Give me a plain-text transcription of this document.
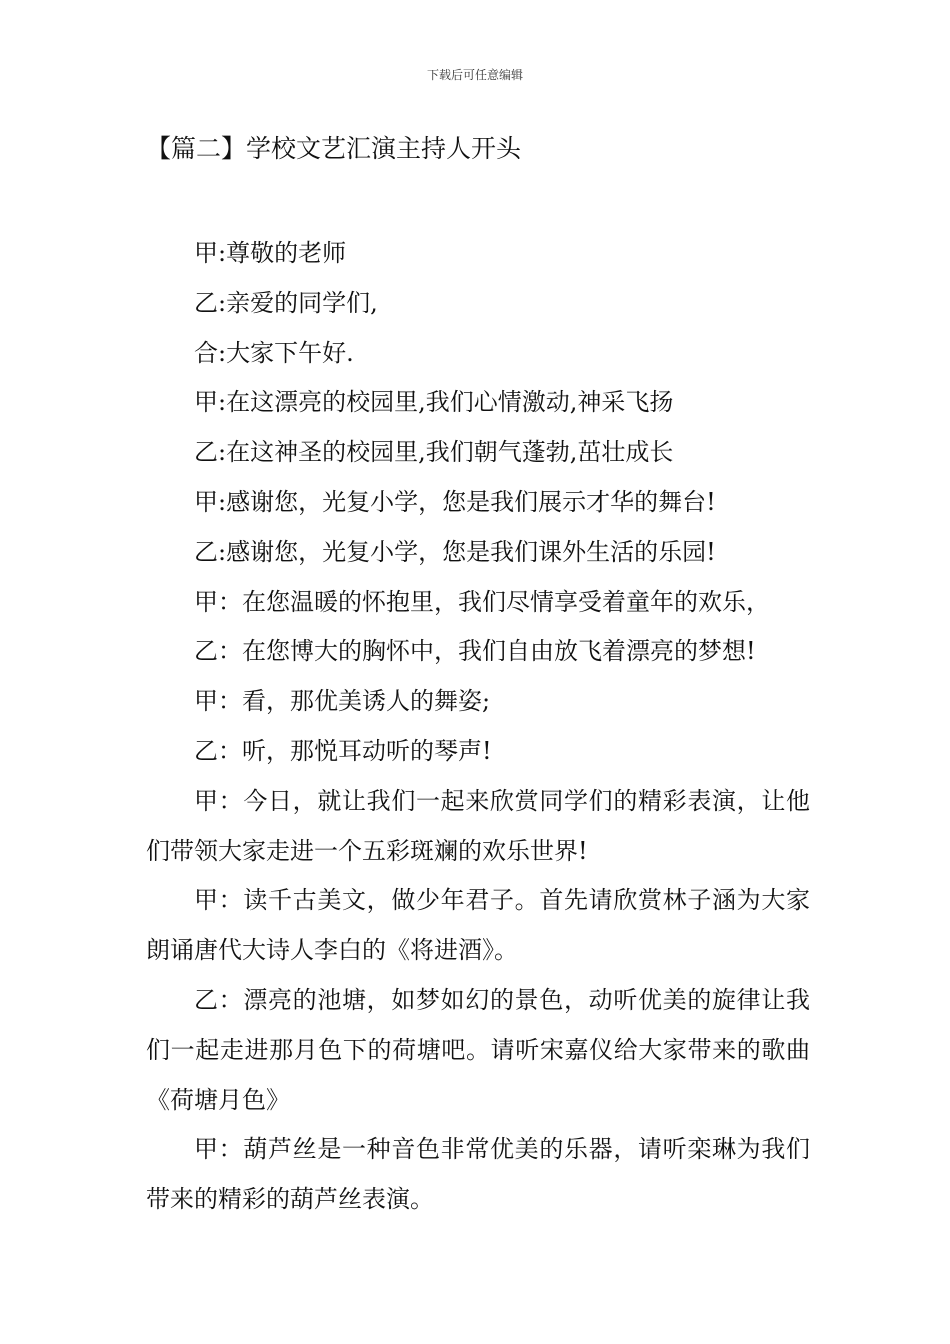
下载后可任意编辑
【篇二】学校文艺汇演主持人开头

甲:尊敬的老师

乙:亲爱的同学们,

合:大家下午好.

甲:在这漂亮的校园里,我们心情激动,神采飞扬

乙:在这神圣的校园里,我们朝气蓬勃,茁壮成长

甲:感谢您，光复小学，您是我们展示才华的舞台!

乙:感谢您，光复小学，您是我们课外生活的乐园!

甲：在您温暖的怀抱里，我们尽情享受着童年的欢乐，

乙：在您博大的胸怀中，我们自由放飞着漂亮的梦想!

甲：看，那优美诱人的舞姿;

乙：听，那悦耳动听的琴声!

甲：今日，就让我们一起来欣赏同学们的精彩表演，让他们带领大家走进一个五彩斑斓的欢乐世界!

甲：读千古美文，做少年君子。首先请欣赏林子涵为大家朗诵唐代大诗人李白的《将进酒》。

乙：漂亮的池塘，如梦如幻的景色，动听优美的旋律让我们一起走进那月色下的荷塘吧。请听宋嘉仪给大家带来的歌曲《荷塘月色》

甲：葫芦丝是一种音色非常优美的乐器，请听栾琳为我们带来的精彩的葫芦丝表演。
